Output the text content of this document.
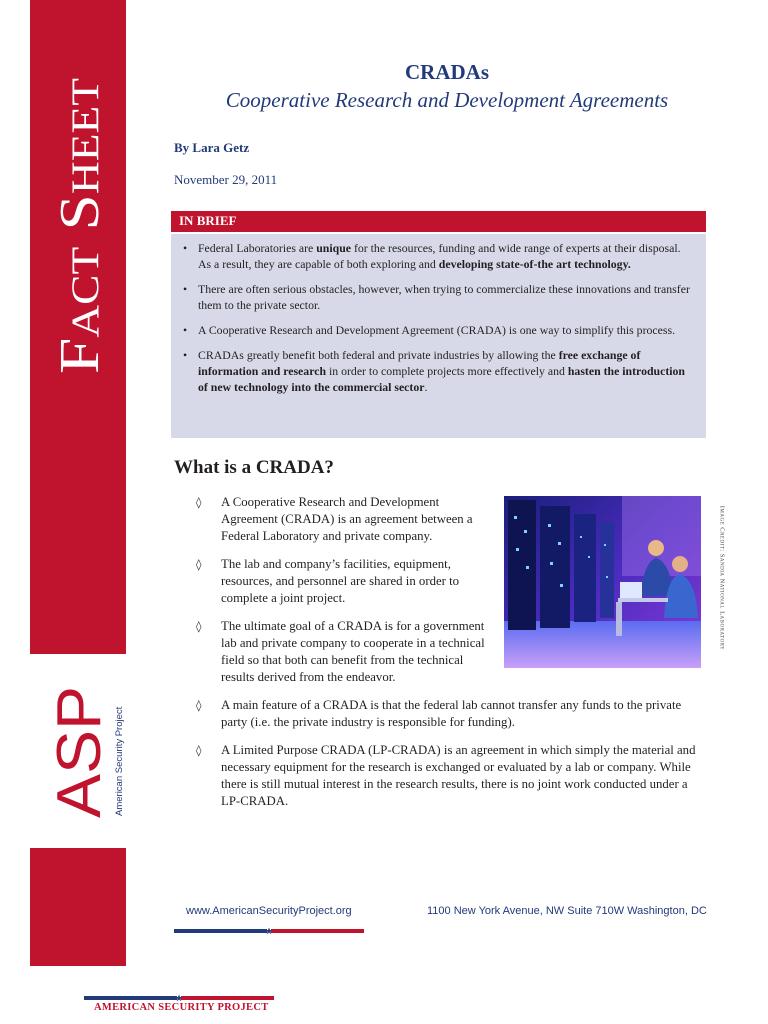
Fact Sheet
ASP American Security Project
CRADAs
Cooperative Research and Development Agreements
By Lara Getz
November 29, 2011
IN BRIEF
• Federal Laboratories are unique for the resources, funding and wide range of experts at their disposal. As a result, they are capable of both exploring and developing state-of-the art technology.
• There are often serious obstacles, however, when trying to commercialize these innovations and transfer them to the private sector.
• A Cooperative Research and Development Agreement (CRADA) is one way to simplify this process.
• CRADAs greatly benefit both federal and private industries by allowing the free exchange of information and research in order to complete projects more effectively and hasten the introduction of new technology into the commercial sector.
What is a CRADA?
◊ A Cooperative Research and Development Agreement (CRADA) is an agreement between a Federal Laboratory and private company.
◊ The lab and company’s facilities, equipment, resources, and personnel are shared in order to complete a joint project.
◊ The ultimate goal of a CRADA is for a government lab and private company to cooperate in a technical field so that both can benefit from the technical results derived from the endeavor.
◊ A main feature of a CRADA is that the federal lab cannot transfer any funds to the private party (i.e. the private industry is responsible for funding).
◊ A Limited Purpose CRADA (LP-CRADA) is an agreement in which simply the material and necessary equipment for the research is exchanged or evaluated by a lab or company. While there is still mutual interest in the research results, there is no joint work conducted under a LP-CRADA.
Image Credit: Sandia National Laboratory
www.AmericanSecurityProject.org	1100 New York Avenue, NW Suite 710W Washington, DC
AMERICAN SECURITY PROJECT
